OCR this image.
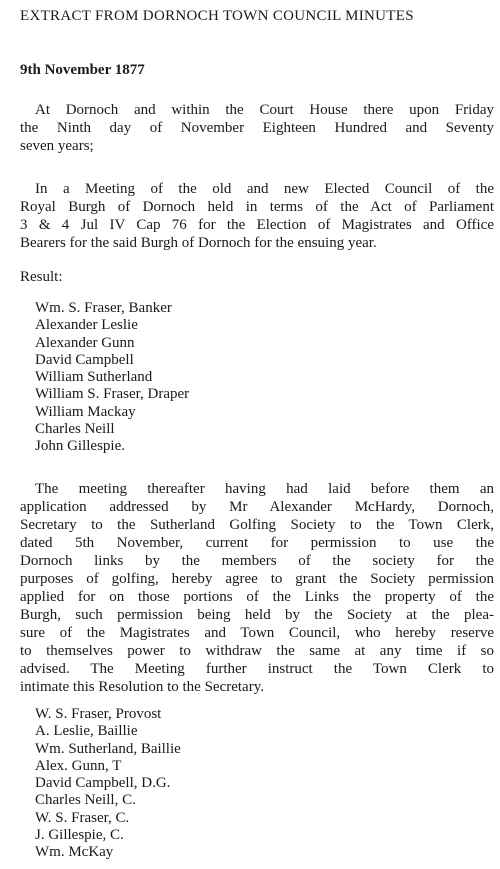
EXTRACT FROM DORNOCH TOWN COUNCIL MINUTES

9th November 1877

At Dornoch and within the Court House there upon Friday
the Ninth day of November Eighteen Hundred and Seventy
seven years;

In a Meeting of the old and new Elected Council of the
Royal Burgh of Dornoch held in terms of the Act of Parliament
3 & 4 Jul IV Cap 76 for the Election of Magistrates and Office
Bearers for the said Burgh of Dornoch for the ensuing year.

Result:

Wm. S. Fraser, Banker
Alexander Leslie
Alexander Gunn
David Campbell
William Sutherland
William S. Fraser, Draper
William Mackay
Charles Neill
John Gillespie.

The meeting thereafter having had laid before them an
application addressed by Mr Alexander McHardy, Dornoch,
Secretary to the Sutherland Golfing Society to the Town Clerk,
dated 5th November, current for permission to use the
Dornoch links by the members of the society for the
purposes of golfing, hereby agree to grant the Society permission
applied for on those portions of the Links the property of the
Burgh, such permission being held by the Society at the plea-
sure of the Magistrates and Town Council, who hereby reserve
to themselves power to withdraw the same at any time if so
advised. The Meeting further instruct the Town Clerk to
intimate this Resolution to the Secretary.

W. S. Fraser, Provost
A. Leslie, Baillie
Wm. Sutherland, Baillie
Alex. Gunn, T
David Campbell, D.G.
Charles Neill, C.
W. S. Fraser, C.
J. Gillespie, C.
Wm. McKay
